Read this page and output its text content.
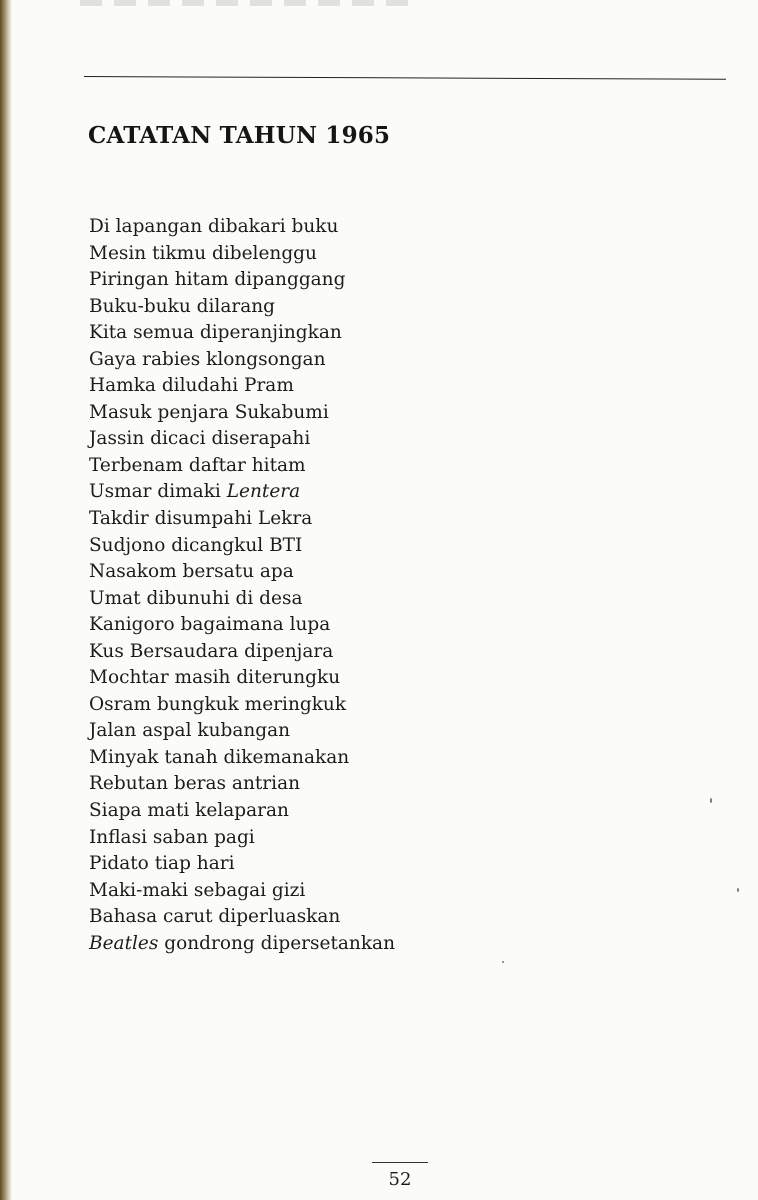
CATATAN TAHUN 1965
Di lapangan dibakari buku
Mesin tikmu dibelenggu
Piringan hitam dipanggang
Buku-buku dilarang
Kita semua diperanjingkan
Gaya rabies klongsongan
Hamka diludahi Pram
Masuk penjara Sukabumi
Jassin dicaci diserapahi
Terbenam daftar hitam
Usmar dimaki Lentera
Takdir disumpahi Lekra
Sudjono dicangkul BTI
Nasakom bersatu apa
Umat dibunuhi di desa
Kanigoro bagaimana lupa
Kus Bersaudara dipenjara
Mochtar masih diterungku
Osram bungkuk meringkuk
Jalan aspal kubangan
Minyak tanah dikemanakan
Rebutan beras antrian
Siapa mati kelaparan
Inflasi saban pagi
Pidato tiap hari
Maki-maki sebagai gizi
Bahasa carut diperluaskan
Beatles gondrong dipersetankan
52
